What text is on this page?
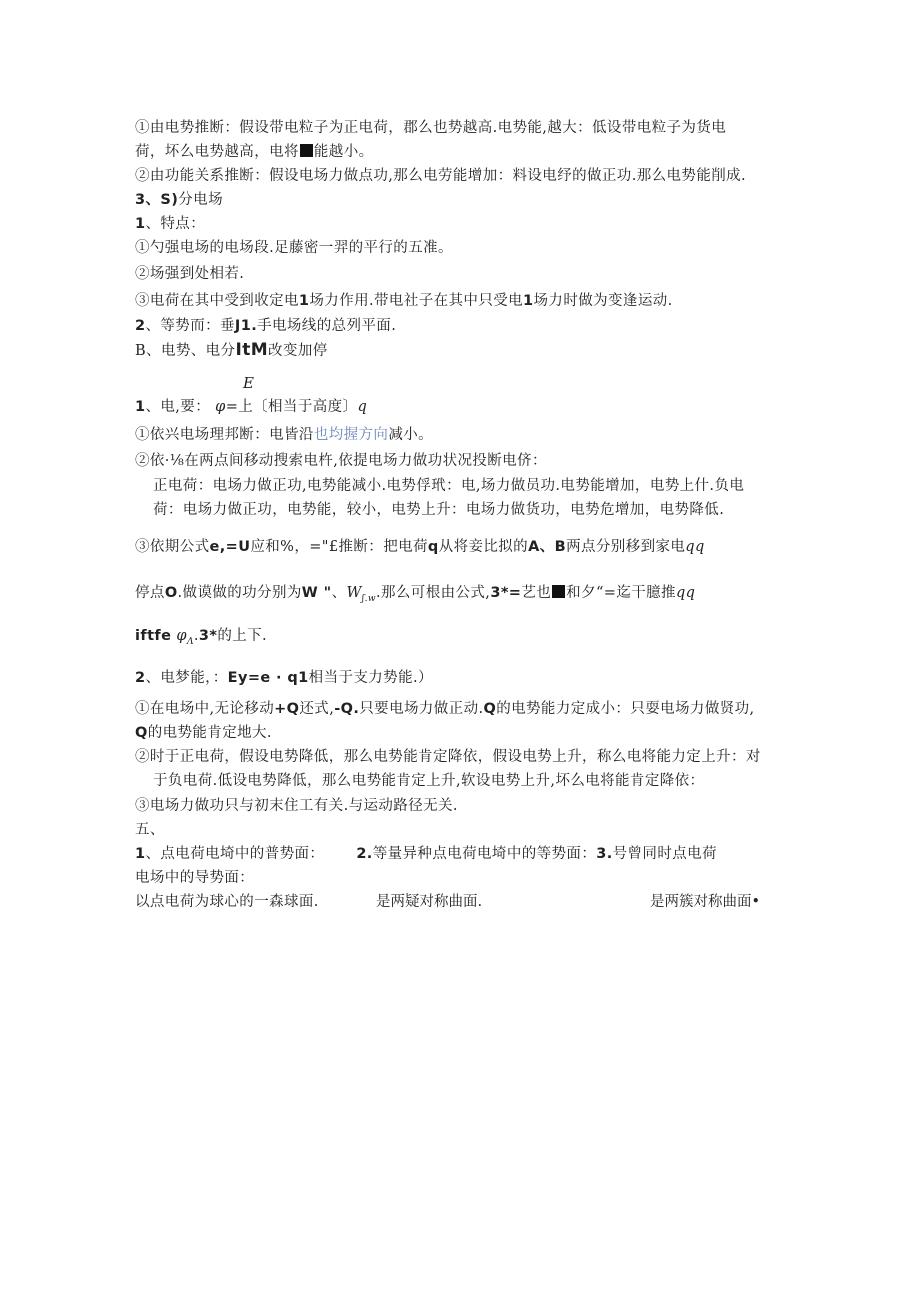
①由电势推断：假设带电粒子为正电荷，郡么也势越高.电势能,越大：低设带电粒子为货电
荷，坏么电势越高，电将 能越小。
②由功能关系推断：假设电场力做点功,那么电劳能增加：料设电纾的做正功.那么电势能削成.
3、S)分电场
1、特点：
①勺强电场的电场段.足藤密一羿的平行的五准。
②场强到处相若.
③电荷在其中受到收定电1场力作用.带电社子在其中只受电1场力时做为变逢运动.
2、等势而：垂J1.手电场线的总列平面.
B、电势、电分ItM改变加停
E
1、电,要： φ=上〔相当于高度〕q
①依兴电场理邦断：电皆沿也均握方向减小。
②依·⅛在两点间移动搜索电杵,依提电场力做功状况投断电侪：
正电荷：电场力做正功,电势能减小.电势俘玳：电,场力做员功.电势能增加，电势上什.负电
荷：电场力做正功，电势能，较小，电势上升：电场力做货功，电势危增加，电势降低.
③依期公式e,=U应和%，="£推断：把电荷q从将妾比拟的A、B两点分别移到家电qq
停点O.做谟做的功分别为W "、$W_{ʃ.w}$.那么可根由公式,3*=艺也 和夕“=迄干臆推qq
iftfe $\varphi_\Lambda.3*$的上下.
2、电梦能，：Ey=e · q1相当于支力势能.）
①在电场中,无论移动+Q还式,-Q.只要电场力做正动.Q的电势能力定成小：只耍电场力做贤功,
Q的电势能肯定地大.
②时于正电荷，假设电势降低，那么电势能肯定降依，假设电势上升，称么电将能力定上升：对
于负电荷.低设电势降低，那么电势能肯定上升,软设电势上升,坏么电将能肯定降依：
③电场力做功只与初末住工有关.与运动路径无关.
五、
1、点电荷电埼中的普势面： 2.等量异种点电荷电埼中的等势面：3.号曾同时点电荷
电场中的导势面：
以点电荷为球心的一森球面.	是两疑对称曲面.	是两簇对称曲面•
